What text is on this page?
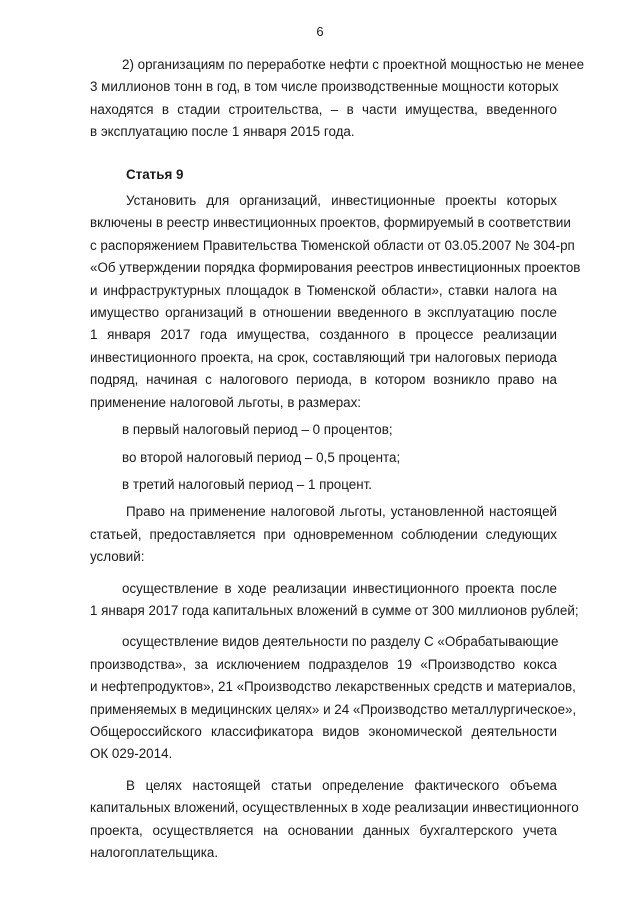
6

2) организациям по переработке нефти с проектной мощностью не менее
3 миллионов тонн в год, в том числе производственные мощности которых
находятся в стадии строительства, – в части имущества, введенного
в эксплуатацию после 1 января 2015 года.

Статья 9

Установить для организаций, инвестиционные проекты которых
включены в реестр инвестиционных проектов, формируемый в соответствии
с распоряжением Правительства Тюменской области от 03.05.2007 № 304-рп
«Об утверждении порядка формирования реестров инвестиционных проектов
и инфраструктурных площадок в Тюменской области», ставки налога на
имущество организаций в отношении введенного в эксплуатацию после
1 января 2017 года имущества, созданного в процессе реализации
инвестиционного проекта, на срок, составляющий три налоговых периода
подряд, начиная с налогового периода, в котором возникло право на
применение налоговой льготы, в размерах:

в первый налоговый период – 0 процентов;

во второй налоговый период – 0,5 процента;

в третий налоговый период – 1 процент.

Право на применение налоговой льготы, установленной настоящей
статьей, предоставляется при одновременном соблюдении следующих
условий:

осуществление в ходе реализации инвестиционного проекта после
1 января 2017 года капитальных вложений в сумме от 300 миллионов рублей;

осуществление видов деятельности по разделу С «Обрабатывающие
производства», за исключением подразделов 19 «Производство кокса
и нефтепродуктов», 21 «Производство лекарственных средств и материалов,
применяемых в медицинских целях» и 24 «Производство металлургическое»,
Общероссийского классификатора видов экономической деятельности
ОК 029-2014.

В целях настоящей статьи определение фактического объема
капитальных вложений, осуществленных в ходе реализации инвестиционного
проекта, осуществляется на основании данных бухгалтерского учета
налогоплательщика.
